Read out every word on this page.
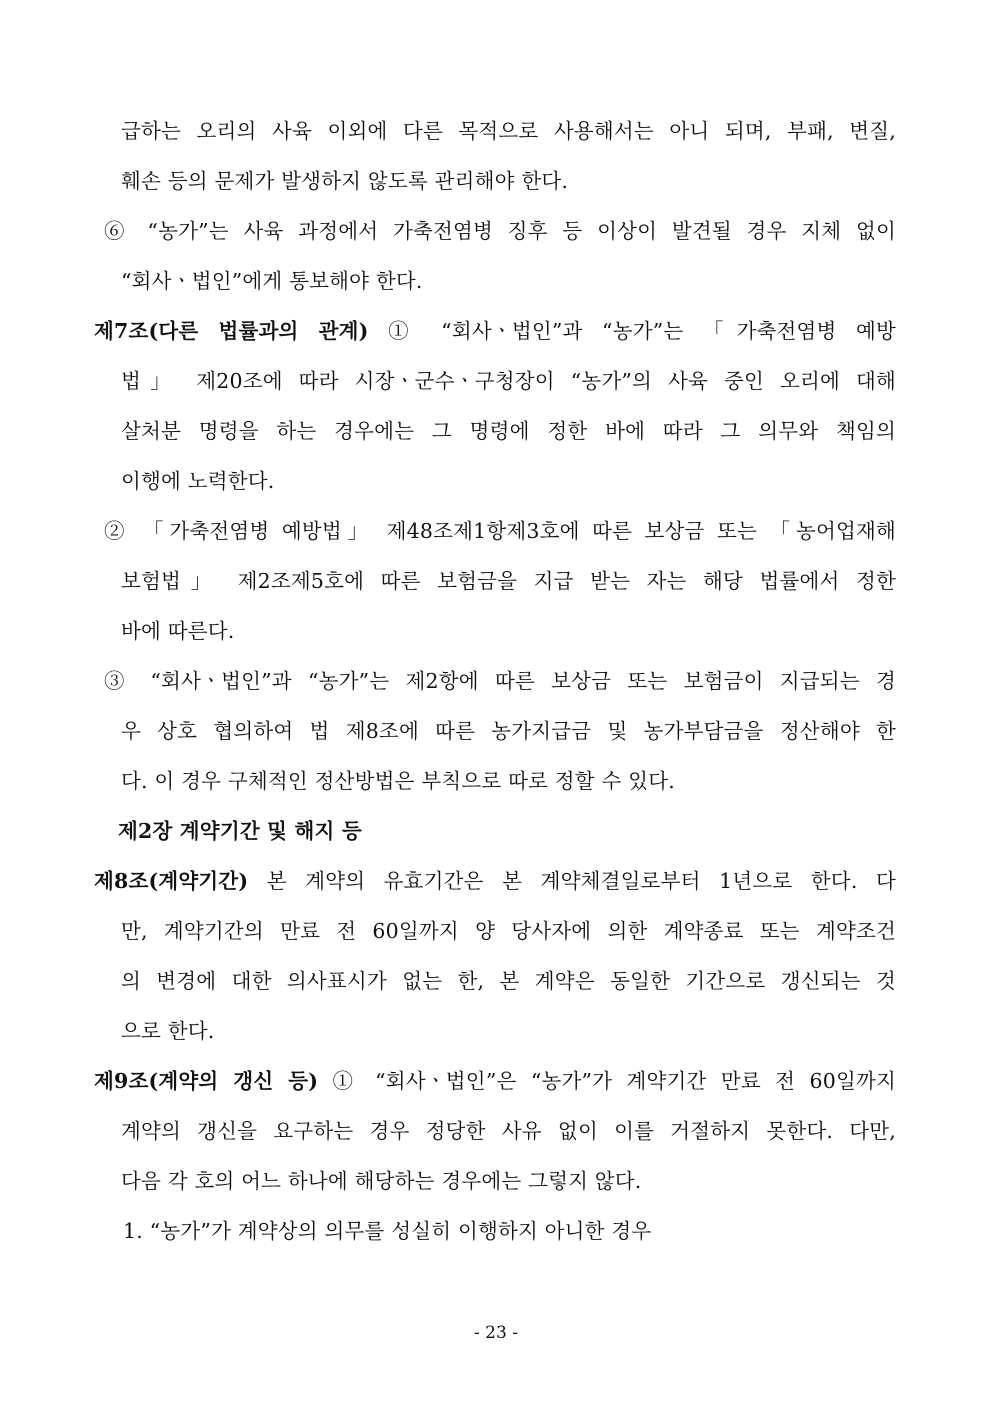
급하는 오리의 사육 이외에 다른 목적으로 사용해서는 아니 되며, 부패, 변질,
훼손 등의 문제가 발생하지 않도록 관리해야 한다.
⑥ “농가”는 사육 과정에서 가축전염병 징후 등 이상이 발견될 경우 지체 없이
“회사ㆍ법인”에게 통보해야 한다.
제7조(다른 법률과의 관계) ① “회사ㆍ법인”과 “농가”는 「가축전염병 예방
법」 제20조에 따라 시장ㆍ군수ㆍ구청장이 “농가”의 사육 중인 오리에 대해
살처분 명령을 하는 경우에는 그 명령에 정한 바에 따라 그 의무와 책임의
이행에 노력한다.
② 「가축전염병 예방법」 제48조제1항제3호에 따른 보상금 또는 「농어업재해
보험법」 제2조제5호에 따른 보험금을 지급 받는 자는 해당 법률에서 정한
바에 따른다.
③ “회사ㆍ법인”과 “농가”는 제2항에 따른 보상금 또는 보험금이 지급되는 경
우 상호 협의하여 법 제8조에 따른 농가지급금 및 농가부담금을 정산해야 한
다. 이 경우 구체적인 정산방법은 부칙으로 따로 정할 수 있다.
제2장 계약기간 및 해지 등
제8조(계약기간) 본 계약의 유효기간은 본 계약체결일로부터 1년으로 한다. 다
만, 계약기간의 만료 전 60일까지 양 당사자에 의한 계약종료 또는 계약조건
의 변경에 대한 의사표시가 없는 한, 본 계약은 동일한 기간으로 갱신되는 것
으로 한다.
제9조(계약의 갱신 등) ① “회사ㆍ법인”은 “농가”가 계약기간 만료 전 60일까지
계약의 갱신을 요구하는 경우 정당한 사유 없이 이를 거절하지 못한다. 다만,
다음 각 호의 어느 하나에 해당하는 경우에는 그렇지 않다.
1. “농가”가 계약상의 의무를 성실히 이행하지 아니한 경우
- 23 -
